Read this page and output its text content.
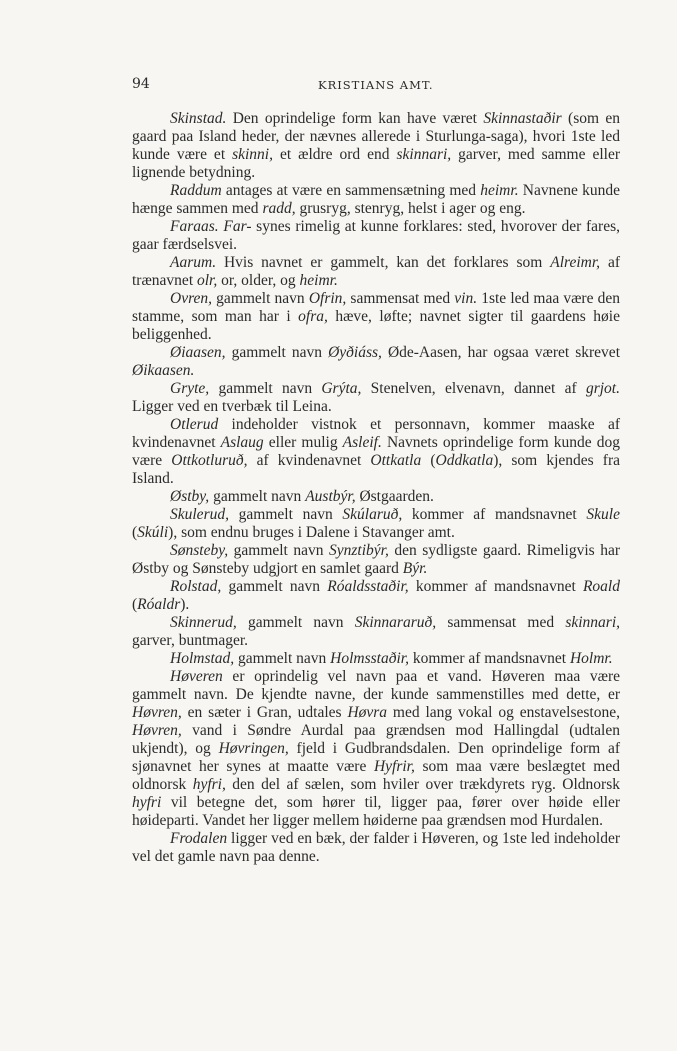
94	KRISTIANS AMT.

Skinstad. Den oprindelige form kan have været Skinnastaðir (som en gaard paa Island heder, der nævnes allerede i Sturlunga-saga), hvori 1ste led kunde være et skinni, et ældre ord end skinnari, garver, med samme eller lignende betydning.

Raddum antages at være en sammensætning med heimr. Navnene kunde hænge sammen med radd, grusryg, stenryg, helst i ager og eng.

Faraas. Far- synes rimelig at kunne forklares: sted, hvorover der fares, gaar færdselsvei.

Aarum. Hvis navnet er gammelt, kan det forklares som Alreimr, af trænavnet olr, or, older, og heimr.

Ovren, gammelt navn Ofrin, sammensat med vin. 1ste led maa være den stamme, som man har i ofra, hæve, løfte; navnet sigter til gaardens høie beliggenhed.

Øiaasen, gammelt navn Øyðiáss, Øde-Aasen, har ogsaa været skrevet Øikaasen.

Gryte, gammelt navn Grýta, Stenelven, elvenavn, dannet af grjot. Ligger ved en tverbæk til Leina.

Otlerud indeholder vistnok et personnavn, kommer maaske af kvindenavnet Aslaug eller mulig Asleif. Navnets oprindelige form kunde dog være Ottkotluruð, af kvindenavnet Ottkatla (Oddkatla), som kjendes fra Island.

Østby, gammelt navn Austbýr, Østgaarden.

Skulerud, gammelt navn Skúlaruð, kommer af mandsnavnet Skule (Skúli), som endnu bruges i Dalene i Stavanger amt.

Sønsteby, gammelt navn Synztibýr, den sydligste gaard. Rimeligvis har Østby og Sønsteby udgjort en samlet gaard Býr.

Rolstad, gammelt navn Róaldsstaðir, kommer af mandsnavnet Roald (Róaldr).

Skinnerud, gammelt navn Skinnararuð, sammensat med skinnari, garver, buntmager.

Holmstad, gammelt navn Holmsstaðir, kommer af mandsnavnet Holmr.

Høveren er oprindelig vel navn paa et vand. Høveren maa være gammelt navn. De kjendte navne, der kunde sammenstilles med dette, er Høvren, en sæter i Gran, udtales Høvra med lang vokal og enstavelsestone, Høvren, vand i Søndre Aurdal paa grændsen mod Hallingdal (udtalen ukjendt), og Høvringen, fjeld i Gudbrandsdalen. Den oprindelige form af sjønavnet her synes at maatte være Hyfrir, som maa være beslægtet med oldnorsk hyfri, den del af sælen, som hviler over trækdyrets ryg. Oldnorsk hyfri vil betegne det, som hører til, ligger paa, fører over høide eller høideparti. Vandet her ligger mellem høiderne paa grændsen mod Hurdalen.

Frodalen ligger ved en bæk, der falder i Høveren, og 1ste led indeholder vel det gamle navn paa denne.
